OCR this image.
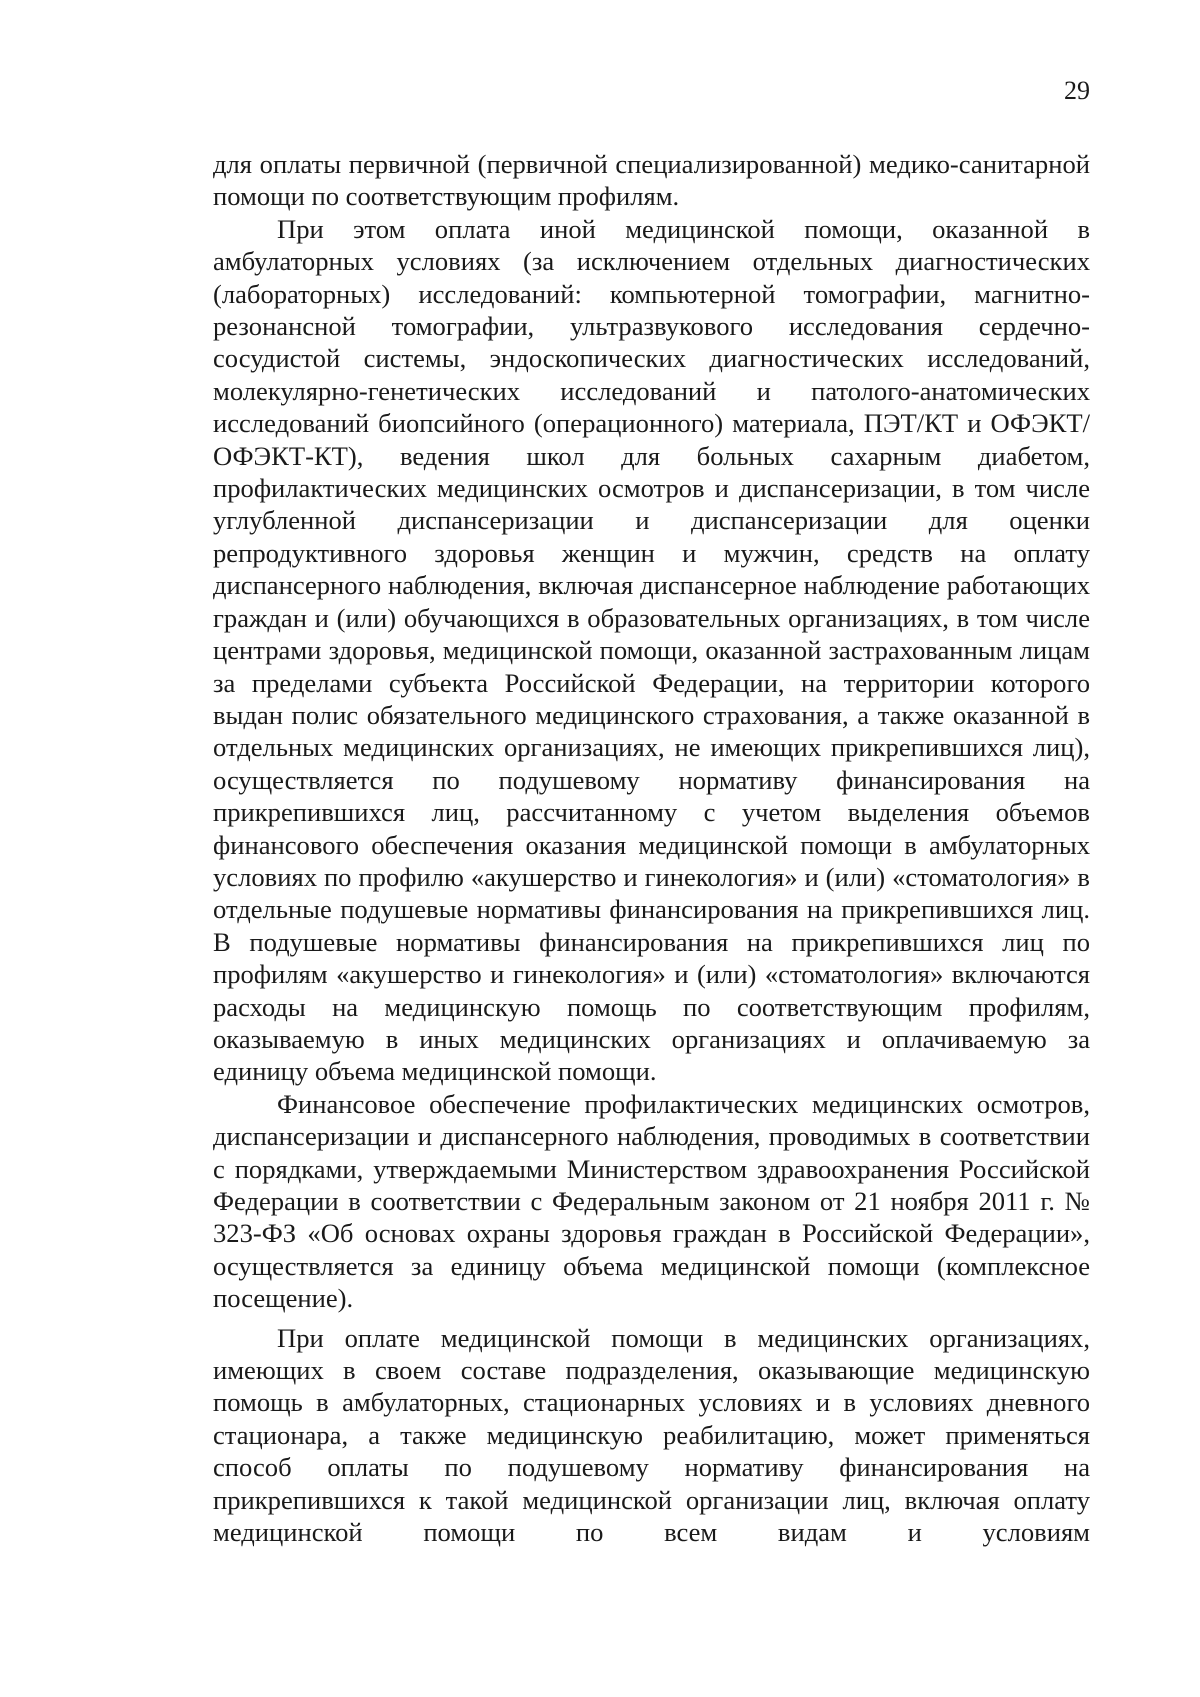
29

для оплаты первичной (первичной специализированной) медико-санитарной помощи по соответствующим профилям.

При этом оплата иной медицинской помощи, оказанной в амбулаторных условиях (за исключением отдельных диагностических (лабораторных) исследований: компьютерной томографии, магнитно-резонансной томографии, ультразвукового исследования сердечно-сосудистой системы, эндоскопических диагностических исследований, молекулярно-генетических исследований и патолого-анатомических исследований биопсийного (операционного) материала, ПЭТ/КТ и ОФЭКТ/ОФЭКТ-КТ), ведения школ для больных сахарным диабетом, профилактических медицинских осмотров и диспансеризации, в том числе углубленной диспансеризации и диспансеризации для оценки репродуктивного здоровья женщин и мужчин, средств на оплату диспансерного наблюдения, включая диспансерное наблюдение работающих граждан и (или) обучающихся в образовательных организациях, в том числе центрами здоровья, медицинской помощи, оказанной застрахованным лицам за пределами субъекта Российской Федерации, на территории которого выдан полис обязательного медицинского страхования, а также оказанной в отдельных медицинских организациях, не имеющих прикрепившихся лиц), осуществляется по подушевому нормативу финансирования на прикрепившихся лиц, рассчитанному с учетом выделения объемов финансового обеспечения оказания медицинской помощи в амбулаторных условиях по профилю «акушерство и гинекология» и (или) «стоматология» в отдельные подушевые нормативы финансирования на прикрепившихся лиц. В подушевые нормативы финансирования на прикрепившихся лиц по профилям «акушерство и гинекология» и (или) «стоматология» включаются расходы на медицинскую помощь по соответствующим профилям, оказываемую в иных медицинских организациях и оплачиваемую за единицу объема медицинской помощи.

Финансовое обеспечение профилактических медицинских осмотров, диспансеризации и диспансерного наблюдения, проводимых в соответствии с порядками, утверждаемыми Министерством здравоохранения Российской Федерации в соответствии с Федеральным законом от 21 ноября 2011 г. № 323-ФЗ «Об основах охраны здоровья граждан в Российской Федерации», осуществляется за единицу объема медицинской помощи (комплексное посещение).

При оплате медицинской помощи в медицинских организациях, имеющих в своем составе подразделения, оказывающие медицинскую помощь в амбулаторных, стационарных условиях и в условиях дневного стационара, а также медицинскую реабилитацию, может применяться способ оплаты по подушевому нормативу финансирования на прикрепившихся к такой медицинской организации лиц, включая оплату медицинской помощи по всем видам и условиям
